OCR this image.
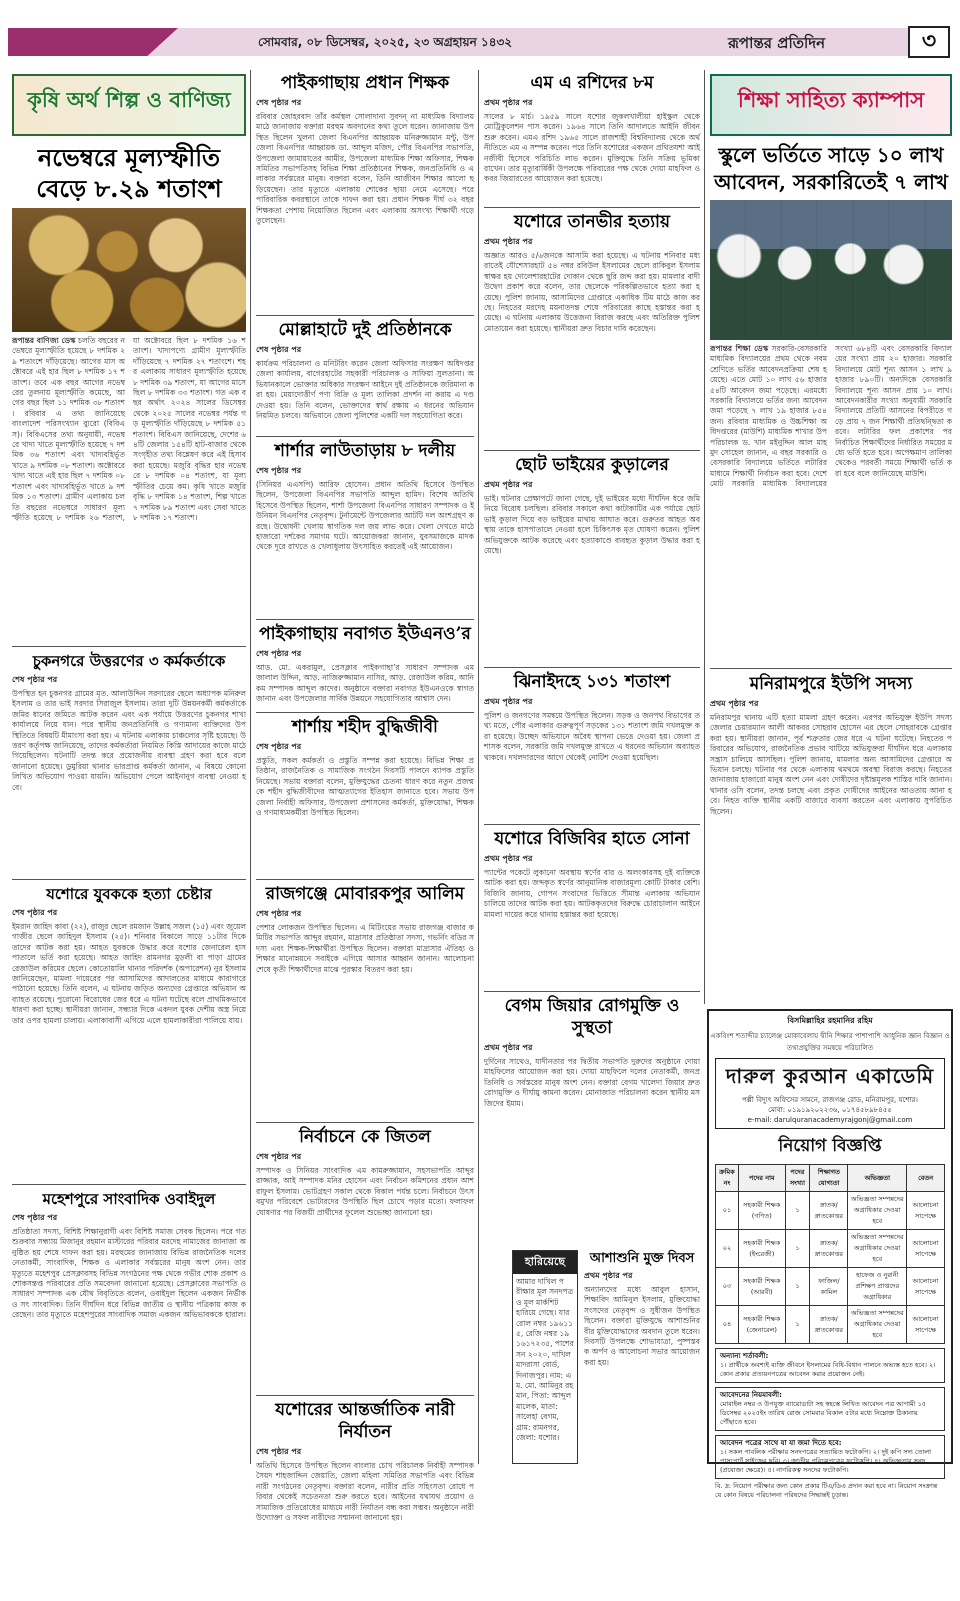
সোমবার, ০৮ ডিসেম্বর, ২০২৫, ২৩ অগ্রহায়ন ১৪৩২	রূপান্তর প্রতিদিন	৩
কৃষি অর্থ শিল্প ও বাণিজ্য
নভেম্বরে মূল্যস্ফীতি বেড়ে ৮.২৯ শতাংশ
রূপান্তর বাণিজ্য ডেস্ক চলতি বছরের নভেম্বরে মূল্যস্ফীতি হয়েছে ৮ দশমিক ২৯ শতাংশে দাঁড়িয়েছে। আগের মাস অক্টোবরে এই হার ছিল ৮ দশমিক ১৭ শতাংশ। তবে এক বছর আগের নভেম্বরের তুলনায় মূল্যস্ফীতি কমেছে, আগের বছর ছিল ১১ দশমিক ৩৮ শতাংশ। রবিবার এ তথ্য জানিয়েছে বাংলাদেশ পরিসংখ্যান ব্যুরো (বিবিএস)। বিবিএসের তথ্য অনুযায়ী, নভেম্বরে খাদ্য খাতে মূল্যস্ফীতি হয়েছে ৭ দশমিক ৩৬ শতাংশ এবং খাদ্যবহির্ভূত খাতে ৯ দশমিক ০৮ শতাংশ। অক্টোবরে খাদ্য খাতে এই হার ছিল ৭ দশমিক ০৮ শতাংশ এবং খাদ্যবহির্ভূত খাতে ৯ দশমিক ১৩ শতাংশ। গ্রামীণ এলাকায় চলতি বছরের নভেম্বরে সাধারণ মূল্যস্ফীতি হয়েছে ৮ দশমিক ২৬ শতাংশ, যা অক্টোবরে ছিল ৮ দশমিক ১৬ শতাংশ। খাদ্যপণ্যে গ্রামীণ মূল্যস্ফীতি দাঁড়িয়েছে ৭ দশমিক ২৭ শতাংশে। শহর এলাকায় সাধারণ মূল্যস্ফীতি হয়েছে ৮ দশমিক ৩৯ শতাংশ, যা আগের মাসে ছিল ৮ দশমিক ৩৩ শতাংশ। গত এক বছর অর্থাৎ ২০২৪ সালের ডিসেম্বর থেকে ২০২৫ সালের নভেম্বর পর্যন্ত গড় মূল্যস্ফীতি দাঁড়িয়েছে ৮ দশমিক ৫১ শতাংশ। বিবিএস জানিয়েছে, দেশের ৬৪টি জেলার ১৫৪টি হাট-বাজার থেকে সংগৃহীত তথ্য বিশ্লেষণ করে এই হিসাব করা হয়েছে। মজুরি বৃদ্ধির হার নভেম্বরে ৮ দশমিক ০৪ শতাংশ, যা মূল্যস্ফীতির চেয়ে কম। কৃষি খাতে মজুরি বৃদ্ধি ৮ দশমিক ১৪ শতাংশ, শিল্প খাতে ৭ দশমিক ৮৯ শতাংশ এবং সেবা খাতে ৮ দশমিক ১৭ শতাংশ।
চুকনগরে উত্তরণের ৩ কর্মকর্তাকে
শেষ পৃষ্ঠার পর
উপস্থিত হন চুকনগর গ্রামের মৃত. আলাউদ্দিন সরদারের ছেলে অধ্যাপক মনিরুল ইসলাম ও তার ভাই সরদার সিরাজুল ইসলাম। তারা দুটি উন্নয়নকর্মী কর্মকর্তাকে জমির ধানের জমিতে আটক করেন এবং এক পর্যায়ে উত্তরণের চুকনগর শাখা কার্যালয়ে নিয়ে যান। পরে স্থানীয় জনপ্রতিনিধি ও গণ্যমান্য ব্যক্তিদের উপস্থিতিতে বিষয়টি মীমাংসা করা হয়। এ ঘটনায় এলাকায় চাঞ্চল্যের সৃষ্টি হয়েছে। উত্তরণ কর্তৃপক্ষ জানিয়েছে, তাদের কর্মকর্তারা নিয়মিত কিস্তি আদায়ের কাজে মাঠে গিয়েছিলেন। ঘটনাটি তদন্ত করে প্রয়োজনীয় ব্যবস্থা গ্রহণ করা হবে বলে জানানো হয়েছে। ডুমুরিয়া থানার ভারপ্রাপ্ত কর্মকর্তা জানান, এ বিষয়ে কোনো লিখিত অভিযোগ পাওয়া যায়নি। অভিযোগ পেলে আইনানুগ ব্যবস্থা নেওয়া হবে।
যশোরে যুবককে হত্যা চেষ্টার
শেষ পৃষ্ঠার পর
ইমরান জাহিদ কাবা (২২), রাজুর ছেলে রমজান উল্লাহ সজল (১৫) এবং জুয়েল গাজীর ছেলে জাহিদুল ইসলাম (২৫)। শনিবার বিকালে সাড়ে ১১টার দিকে তাদের আটক করা হয়। আহত যুবককে উদ্ধার করে যশোর জেনারেল হাসপাতালে ভর্তি করা হয়েছে। আহত জাহিদ রামনগর মুড়লী বা পাড়া গ্রামের রেজাউল করিমের ছেলে। কোতোয়ালি থানার পরিদর্শক (অপারেশন) নুর ইসলাম জানিয়েছেন, মামলা দায়েরের পর আসামিদের আদালতের মাধ্যমে কারাগারে পাঠানো হয়েছে। তিনি বলেন, এ ঘটনায় জড়িত অন্যদের গ্রেপ্তারে অভিযান অব্যাহত রয়েছে। পুরোনো বিরোধের জের ধরে এ ঘটনা ঘটেছে বলে প্রাথমিকভাবে ধারণা করা হচ্ছে। স্থানীয়রা জানান, সন্ধ্যার দিকে একদল যুবক দেশীয় অস্ত্র নিয়ে তার ওপর হামলা চালায়। এলাকাবাসী এগিয়ে এলে হামলাকারীরা পালিয়ে যায়।
মহেশপুরে সাংবাদিক ওবাইদুল
শেষ পৃষ্ঠার পর
প্রতিষ্ঠাতা সদস্য, বিশিষ্ট শিক্ষানুরাগী এবং বিশিষ্ট সমাজ সেবক ছিলেন। পরে গত শুক্রবার সন্ধ্যায় মিজানুর রহমান মাস্টারের পরিবার মরদেহ নামাজের জানাজা অনুষ্ঠিত হয় শেষে দাফন করা হয়। মরহুমের জানাজায় বিভিন্ন রাজনৈতিক দলের নেতাকর্মী, সাংবাদিক, শিক্ষক ও এলাকার সর্বস্তরের মানুষ অংশ নেন। তার মৃত্যুতে মহেশপুর প্রেসক্লাবসহ বিভিন্ন সংগঠনের পক্ষ থেকে গভীর শোক প্রকাশ ও শোকসন্তপ্ত পরিবারের প্রতি সমবেদনা জানানো হয়েছে। প্রেসক্লাবের সভাপতি ও সাধারণ সম্পাদক এক যৌথ বিবৃতিতে বলেন, ওবাইদুল ছিলেন একজন নির্ভীক ও সৎ সাংবাদিক। তিনি দীর্ঘদিন ধরে বিভিন্ন জাতীয় ও স্থানীয় পত্রিকায় কাজ করেছেন। তার মৃত্যুতে মহেশপুরের সাংবাদিক সমাজ একজন অভিভাবককে হারাল।
পাইকগাছায় প্রধান শিক্ষক
শেষ পৃষ্ঠার পর
রবিবার জোহরবাদ তাঁর কর্মস্থল সোলাদানা সুবদন্ না মাধ্যমিক বিদ্যালয় মাঠে জানাজায় বক্তারা মরহুম অবদানের কথা তুলে ধরেন। জানাজায় উপস্থিত ছিলেন খুলনা জেলা বিএনপির আহ্বায়ক মনিরুজ্জামান মন্টু, উপজেলা বিএনপির আহ্বায়ক ডা. আব্দুল মজিদ, পৌর বিএনপির সভাপতি, উপজেলা জামায়াতের আমীর, উপজেলা মাধ্যমিক শিক্ষা অফিসার, শিক্ষক সমিতির সভাপতিসহ বিভিন্ন শিক্ষা প্রতিষ্ঠানের শিক্ষক, জনপ্রতিনিধি ও এলাকার সর্বস্তরের মানুষ। বক্তারা বলেন, তিনি আজীবন শিক্ষার আলো ছড়িয়েছেন। তার মৃত্যুতে এলাকায় শোকের ছায়া নেমে এসেছে। পরে পারিবারিক কবরস্থানে তাকে দাফন করা হয়। প্রধান শিক্ষক দীর্ঘ ৩২ বছর শিক্ষকতা পেশায় নিয়োজিত ছিলেন এবং এলাকায় অসংখ্য শিক্ষার্থী গড়ে তুলেছেন।
মোল্লাহাটে দুই প্রতিষ্ঠানকে
শেষ পৃষ্ঠার পর
কার্যক্রম পরিচালনা ও মনিটরিং করেন জেলা অফিসার সংরক্ষণ অধিদপ্তর জেলা কার্যালয়, বাগেরহাটের সহকারী পরিচালক ও সাফিয়া সুলতানা। অভিযানকালে ভোক্তার অধিকার সংরক্ষণ আইনে দুই প্রতিষ্ঠানকে জরিমানা করা হয়। মেয়াদোত্তীর্ণ পণ্য বিক্রি ও মূল্য তালিকা প্রদর্শন না করায় এ দণ্ড দেওয়া হয়। তিনি বলেন, ভোক্তাদের স্বার্থ রক্ষায় এ ধরনের অভিযান নিয়মিত চলবে। অভিযানে জেলা পুলিশের একটি দল সহযোগিতা করে।
শার্শার লাউতাড়ায় ৮ দলীয়
শেষ পৃষ্ঠার পর
(সিনিয়র এএসপি) আরিফ হোসেন। প্রধান অতিথি হিসেবে উপস্থিত ছিলেন, উপজেলা বিএনপির সভাপতি আব্দুল হামিদ। বিশেষ অতিথি হিসেবে উপস্থিত ছিলেন, শার্শা উপজেলা বিএনপির সাধারণ সম্পাদক ও ইউনিয়ন বিএনপির নেতৃবৃন্দ। টুর্নামেন্টে উপজেলার আটটি দল অংশগ্রহণ করছে। উদ্বোধনী খেলায় স্বাগতিক দল জয় লাভ করে। খেলা দেখতে মাঠে হাজারো দর্শকের সমাগম ঘটে। আয়োজকরা জানান, যুবসমাজকে মাদক থেকে দূরে রাখতে ও খেলাধুলায় উৎসাহিত করতেই এই আয়োজন।
পাইকগাছায় নবাগত ইউএনও’র
শেষ পৃষ্ঠার পর
আড. মো. একরামুল, প্রেসক্লাব পাইকগাছা’র সাধারণ সম্পাদক এম জালাল উদ্দিন, আড়. নাজিরুজ্জামান নাসির, আড়. রেজাউল করিম, আনি কম সম্পাদক আব্দুল কাদের। অনুষ্ঠানে বক্তারা নবাগত ইউএনওকে স্বাগত জানান এবং উপজেলার সার্বিক উন্নয়নে সহযোগিতার আশ্বাস দেন।
শার্শায় শহীদ বুদ্ধিজীবী
শেষ পৃষ্ঠার পর
প্রস্তুতি, সকল কর্মকর্তা ও প্রস্তুতি সম্পন্ন করা হয়েছে। বিভিন্ন শিক্ষা প্রতিষ্ঠান, রাজনৈতিক ও সামাজিক সংগঠন দিবসটি পালনে ব্যাপক প্রস্তুতি নিয়েছে। সভায় বক্তারা বলেন, মুক্তিযুদ্ধের চেতনা ধারণ করে নতুন প্রজন্মকে শহীদ বুদ্ধিজীবীদের আত্মত্যাগের ইতিহাস জানাতে হবে। সভায় উপজেলা নির্বাহী অফিসার, উপজেলা প্রশাসনের কর্মকর্তা, মুক্তিযোদ্ধা, শিক্ষক ও গণমাধ্যমকর্মীরা উপস্থিত ছিলেন।
রাজগঞ্জে মোবারকপুর আলিম
শেষ পৃষ্ঠার পর
পেশার লোকজন উপস্থিত ছিলেন। এ মিটিংয়ের সভায় রাজগঞ্জ বাজার কমিটির সভাপতি আব্দুর রহমান, মাদ্রাসার প্রতিষ্ঠাতা সদস্য, গভর্নিং বডির সদস্য এবং শিক্ষক-শিক্ষার্থীরা উপস্থিত ছিলেন। বক্তারা মাদ্রাসার ঐতিহ্য ও শিক্ষার মানোন্নয়নে সবাইকে এগিয়ে আসার আহ্বান জানান। আলোচনা শেষে কৃতী শিক্ষার্থীদের মাঝে পুরস্কার বিতরণ করা হয়।
নির্বাচনে কে জিতল
শেষ পৃষ্ঠার পর
সম্পাদক ও সিনিয়র সাংবাদিক এম কামরুজ্জামান, সহসভাপতি আব্দুর রাজ্জাক, আই সম্পাদক মনির হোসেন এবং নির্বাচন কমিশনের প্রধান আশরাফুল ইসলাম। ভোটগ্রহণ সকাল থেকে বিকাল পর্যন্ত চলে। নির্বাচনে উৎসবমুখর পরিবেশে ভোটারদের উপস্থিতি ছিল চোখে পড়ার মতো। ফলাফল ঘোষণার পর বিজয়ী প্রার্থীদের ফুলেল শুভেচ্ছা জানানো হয়।
যশোরের আন্তর্জাতিক নারী নির্যাতন
শেষ পৃষ্ঠার পর
অতিথি হিসেবে উপস্থিত ছিলেন বাংলার চোখ পরিচালক নির্বাহী সম্পাদক সৈয়দ শাহজাদ্দিন জেয়াতি, জেলা মহিলা সমিতির সভাপতি এবং বিভিন্ন নারী সংগঠনের নেতৃবৃন্দ। বক্তারা বলেন, নারীর প্রতি সহিংসতা রোধে পরিবার থেকেই সচেতনতা শুরু করতে হবে। আইনের যথাযথ প্রয়োগ ও সামাজিক প্রতিরোধের মাধ্যমে নারী নির্যাতন বন্ধ করা সম্ভব। অনুষ্ঠানে নারী উদ্যোক্তা ও সফল নারীদের সম্মাননা জানানো হয়।
এম এ রশিদের ৮ম
প্রথম পৃষ্ঠার পর
সালের ৮ মার্চ। ১৯৫৯ সালে যশোর জুকলখালীয়া হাইস্কুল থেকে ম্যেট্রিকুলেশন পাস করেন। ১৯৬৪ সালে তিনি আদালতে আইনি জীবন শুরু করেন। এমএ রশিদ ১৯৬৫ সালে রাজশাহী বিশ্ববিদ্যালয় থেকে অর্থনীতিতে এম এ সম্পন্ন করেন। পরে তিনি যশোরের একজন প্রথিতযশা আইনজীবী হিসেবে পরিচিতি লাভ করেন। মুক্তিযুদ্ধে তিনি সক্রিয় ভূমিকা রাখেন। তার মৃত্যুবার্ষিকী উপলক্ষে পরিবারের পক্ষ থেকে দোয়া মাহফিল ও কবর জিয়ারতের আয়োজন করা হয়েছে।
যশোরে তানভীর হত্যায়
প্রথম পৃষ্ঠার পর
অজ্ঞাত আরও ৫/৬জনকে আসামি করা হয়েছে। এ ঘটনায় শনিবার মধ্যরাতেই যৌশেসারহাট ৫৪ নম্বর রবিউল ইসলামের ছেলে রাকিবুল ইসলাম স্বাক্ষর হয় দোলেশারহাটের দোকান থেকে ছুরি জব্দ করা হয়। মামলার বাদী উদ্বেগ প্রকাশ করে বলেন, তার ছেলেকে পরিকল্পিতভাবে হত্যা করা হয়েছে। পুলিশ জানায়, আসামিদের গ্রেপ্তারে একাধিক টিম মাঠে কাজ করছে। নিহতের মরদেহ ময়নাতদন্ত শেষে পরিবারের কাছে হস্তান্তর করা হয়েছে। এ ঘটনায় এলাকায় উত্তেজনা বিরাজ করছে এবং অতিরিক্ত পুলিশ মোতায়েন করা হয়েছে। স্থানীয়রা দ্রুত বিচার দাবি করেছেন।
ছোট ভাইয়ের কুড়ালের
প্রথম পৃষ্ঠার পর
ভাই। ঘটনার প্রেক্ষাপটে জানা গেছে, দুই ভাইয়ের মধ্যে দীর্ঘদিন ধরে জমি নিয়ে বিরোধ চলছিল। রবিবার সকালে কথা কাটাকাটির এক পর্যায়ে ছোট ভাই কুড়াল দিয়ে বড় ভাইয়ের মাথায় আঘাত করে। গুরুতর আহত অবস্থায় তাকে হাসপাতালে নেওয়া হলে চিকিৎসক মৃত ঘোষণা করেন। পুলিশ অভিযুক্তকে আটক করেছে এবং হত্যাকাণ্ডে ব্যবহৃত কুড়াল উদ্ধার করা হয়েছে।
ঝিনাইদহে ১৩১ শতাংশ
প্রথম পৃষ্ঠার পর
পুলিশ ও জনগণের সমন্বয়ে উপস্থিত ছিলেন। সড়ক ও জনপথ বিভাগের তথ্য মতে, পৌর এলাকার গুরুত্বপূর্ণ সড়কের ১৩১ শতাংশ জমি দখলমুক্ত করা হয়েছে। উচ্ছেদ অভিযানে অবৈধ স্থাপনা ভেঙে দেওয়া হয়। জেলা প্রশাসক বলেন, সরকারি জমি দখলমুক্ত রাখতে এ ধরনের অভিযান অব্যাহত থাকবে। দখলদারদের আগে থেকেই নোটিশ দেওয়া হয়েছিল।
যশোরে বিজিবির হাতে সোনা
প্রথম পৃষ্ঠার পর
প্যান্টের পকেটে লুকানো অবস্থায় স্বর্ণের বার ও অলংকারসহ দুই ব্যক্তিকে আটক করা হয়। জব্দকৃত স্বর্ণের আনুমানিক বাজারমূল্য কোটি টাকার বেশি। বিজিবি জানায়, গোপন সংবাদের ভিত্তিতে সীমান্ত এলাকায় অভিযান চালিয়ে তাদের আটক করা হয়। আটককৃতদের বিরুদ্ধে চোরাচালান আইনে মামলা দায়ের করে থানায় হস্তান্তর করা হয়েছে।
বেগম জিয়ার রোগমুক্তি ও সুস্থতা
প্রথম পৃষ্ঠার পর
দুর্দিনের সাথেও, যাদীনতার পর দ্বিতীয় সভাপতি দুরুদের অনুষ্ঠানে দোয়া মাহফিলের আয়োজন করা হয়। দোয়া মাহফিলে দলের নেতাকর্মী, জনপ্রতিনিধি ও সর্বস্তরের মানুষ অংশ নেন। বক্তারা বেগম খালেদা জিয়ার দ্রুত রোগমুক্তি ও দীর্ঘায়ু কামনা করেন। মোনাজাত পরিচালনা করেন স্থানীয় মসজিদের ইমাম।
আশাশুনি মুক্ত দিবস
প্রথম পৃষ্ঠার পর
অন্যান্যদের মধ্যে আবুল হাসান, শিক্ষাবিদ আমিনুল ইসলাম, মুক্তিযোদ্ধা সংসদের নেতৃবৃন্দ ও সুধীজন উপস্থিত ছিলেন। বক্তারা মুক্তিযুদ্ধে আশাশুনির বীর মুক্তিযোদ্ধাদের অবদান তুলে ধরেন। দিবসটি উপলক্ষে শোভাযাত্রা, পুষ্পস্তবক অর্পণ ও আলোচনা সভার আয়োজন করা হয়।
হারিয়েছে
আমার দাখিল পরীক্ষার মূল সনদপত্র ও মূল মার্কশিট হারিয়ে গেছে। যার রোল নম্বর ১৯৬১১৫, রেজি নম্বর ১৯১৬১৭২৩৫, পাশের সন ২০২০, দাখিল মাদরাসা বোর্ড, দিনাজপুর। নাম: এম. মো. আমিনুর রহমান, পিতা: আব্দুল মালেক, মাতা: সালেহা বেগম, গ্রাম: রামনগর, জেলা: যশোর।
শিক্ষা সাহিত্য ক্যাম্পাস
স্কুলে ভর্তিতে সাড়ে ১০ লাখ আবেদন, সরকারিতেই ৭ লাখ
রূপান্তর শিক্ষা ডেস্ক সরকারি-বেসরকারি মাধ্যমিক বিদ্যালয়ের প্রথম থেকে নবম শ্রেণিতে ভর্তির আবেদনপ্রক্রিয়া শেষ হয়েছে। এতে মোট ১০ লাখ ৫৬ হাজার ৫৪টি আবেদন জমা পড়েছে। এরমধ্যে সরকারি বিদ্যালয়ে ভর্তির জন্য আবেদন জমা পড়েছে ৭ লাখ ১৯ হাজার ৮৫৪ জন। রবিবার মাধ্যমিক ও উচ্চশিক্ষা অধিদপ্তরের (মাউশি) মাধ্যমিক শাখার উপপরিচালক ড. খান মইনুদ্দিন আল মাহমুদ সোহেল জানান, এ বছর সরকারি ও বেসরকারি বিদ্যালয়ে ভর্তিতে লটারির মাধ্যমে শিক্ষার্থী নির্বাচন করা হবে। দেশে মোট সরকারি মাধ্যমিক বিদ্যালয়ের সংখ্যা ৬৮৪টি এবং বেসরকারি বিদ্যালয়ের সংখ্যা প্রায় ২০ হাজার। সরকারি বিদ্যালয়ে মোট শূন্য আসন ১ লাখ ৯ হাজার ৮৯০টি। অন্যদিকে বেসরকারি বিদ্যালয়ে শূন্য আসন প্রায় ১০ লাখ। আবেদনকারীর সংখ্যা অনুযায়ী সরকারি বিদ্যালয়ে প্রতিটি আসনের বিপরীতে গড়ে প্রায় ৭ জন শিক্ষার্থী প্রতিদ্বন্দ্বিতা করবে। লটারির ফল প্রকাশের পর নির্বাচিত শিক্ষার্থীদের নির্ধারিত সময়ের মধ্যে ভর্তি হতে হবে। অপেক্ষমাণ তালিকা থেকেও পরবর্তী সময়ে শিক্ষার্থী ভর্তি করা হবে বলে জানিয়েছে মাউশি।
মনিরামপুরে ইউপি সদস্য
প্রথম পৃষ্ঠার পর
মনিরামপুর থানায় এটি হত্যা মামলা গ্রহণ করেন। এরপর অভিযুক্ত ইউপি সদস্য জেলার চেয়ারম্যান আলী আকবর সোহরাব হোসেন এর ছেলে সোহরাবকে গ্রেপ্তার করা হয়। স্থানীয়রা জানান, পূর্ব শত্রুতার জের ধরে এ ঘটনা ঘটেছে। নিহতের পরিবারের অভিযোগ, রাজনৈতিক প্রভাব খাটিয়ে অভিযুক্তরা দীর্ঘদিন ধরে এলাকায় সন্ত্রাস চালিয়ে আসছিল। পুলিশ জানায়, মামলার অন্য আসামিদের গ্রেপ্তারে অভিযান চলছে। ঘটনার পর থেকে এলাকায় থমথমে অবস্থা বিরাজ করছে। নিহতের জানাজায় হাজারো মানুষ অংশ নেন এবং দোষীদের দৃষ্টান্তমূলক শাস্তির দাবি জানান। থানার ওসি বলেন, তদন্ত চলছে এবং প্রকৃত দোষীদের আইনের আওতায় আনা হবে। নিহত ব্যক্তি স্থানীয় একটি বাজারে ব্যবসা করতেন এবং এলাকায় সুপরিচিত ছিলেন।
বিসমিল্লাহির রহমানির রহিম
একবিংশ শতাব্দীর চ্যালেঞ্জ মোকাবেলায় দ্বীনি শিক্ষার পাশাপাশি আধুনিক জ্ঞান বিজ্ঞান ও তথ্যপ্রযুক্তির সমন্বয়ে পরিচালিত
দারুল কুরআন একাডেমি
পল্লী বিদ্যুৎ অফিসের সামনে, রাজগঞ্জ রোড, মনিরামপুর, যশোর।
মোবা: ০১৯১৯২০২২৩৬, ০১৭৪৫৮৯৮৪৫৫
e-mail: darulquranacademyrajgonj@gmail.com
নিয়োগ বিজ্ঞপ্তি
ক্রমিক নং	পদের নাম	পদের সংখ্যা	শিক্ষাগত যোগ্যতা	অভিজ্ঞতা	বেতন
০১	সহকারী শিক্ষক (গণিত)	১	স্নাতক/স্নাতকোত্তর	অভিজ্ঞতা সম্পন্নদের অগ্রাধিকার দেওয়া হবে	আলোচনা সাপেক্ষে
০২	সহকারী শিক্ষক (ইংরেজী)	১	স্নাতক/স্নাতকোত্তর	অভিজ্ঞতা সম্পন্নদের অগ্রাধিকার দেওয়া হবে	আলোচনা সাপেক্ষে
০৩	সহকারী শিক্ষক (আরবী)	১	ফাজিল/কামিল	হাফেজ ও নুরানী প্রশিক্ষণ প্রাপ্তদের অগ্রাধিকার	আলোচনা সাপেক্ষে
০৪	সহকারী শিক্ষক (জেনারেল)	১	স্নাতক/স্নাতকোত্তর	অভিজ্ঞতা সম্পন্নদের অগ্রাধিকার দেওয়া হবে	আলোচনা সাপেক্ষে
অন্যান্য শর্তাবলী:
১। প্রার্থীকে অবশ্যই ব্যক্তি জীবনে ইসলামের বিধি-বিধান পালনে অভ্যস্ত হতে হবে। ২। কোন প্রকার প্রত্যয়নপত্রের আবেদন করার প্রয়োজন নেই।
আবেদনের নিয়মাবলী:
মোবাইল নম্বর ও উপযুক্ত ব্যায়োডাটা সহ স্বহস্তে লিখিত আবেদন পত্র আগামী ১৫ ডিসেম্বর ২০২৫ইং তারিখ রোজ সোমবার বিকাল ৫টার মধ্যে নিম্নোক্ত ঠিকানায় পৌঁছাতে হবে।
আবেদন পত্রের সাথে যা যা জমা দিতে হবে:
১। সকল পাবলিক পরীক্ষার সনদপত্রের সত্যায়িত ফটোকপি। ২। দুই কপি সদ্য তোলা পাসপোর্ট সাইজের ছবি। ৩। জাতীয় পরিচয়পত্রের ফটোকপি। ৪। অভিজ্ঞতার সনদ (প্রযোজ্য ক্ষেত্রে)। ৫। নাগরিকত্ব সনদের ফটোকপি।
বি. দ্র: নিয়োগ পরীক্ষার জন্য কোন প্রকার টিএ/ডিএ প্রদান করা হবে না। নিয়োগ সংক্রান্ত যে কোন বিষয়ে পরিচালনা পরিষদের সিদ্ধান্তই চূড়ান্ত।
